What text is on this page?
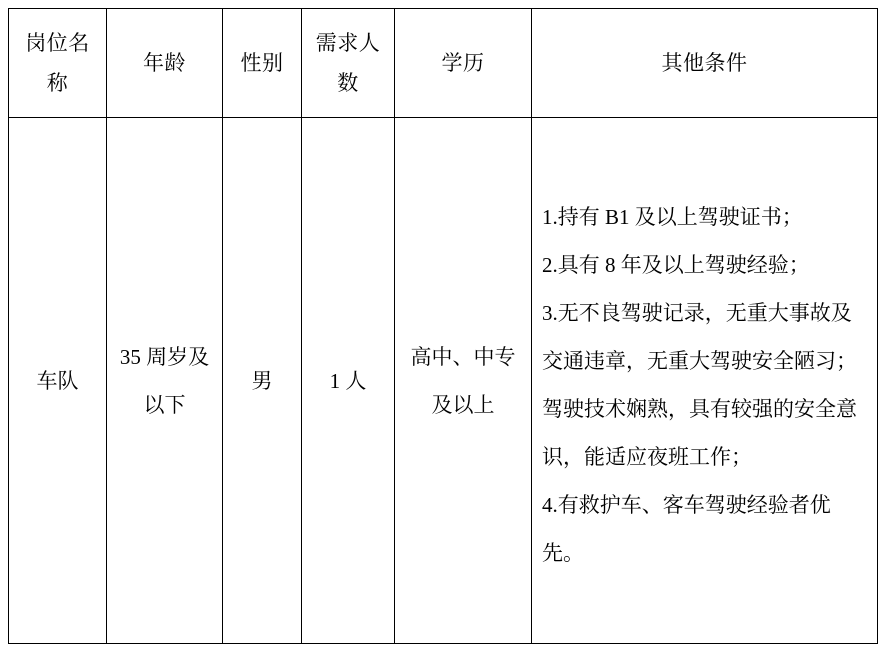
岗位名称	年龄	性别	需求人数	学历	其他条件

车队	35 周岁及以下	男	1 人	高中、中专及以上	1.持有 B1 及以上驾驶证书；

2.具有 8 年及以上驾驶经验；

3.无不良驾驶记录，无重大事故及交通违章，无重大驾驶安全陋习；驾驶技术娴熟，具有较强的安全意识，能适应夜班工作；

4.有救护车、客车驾驶经验者优先。
